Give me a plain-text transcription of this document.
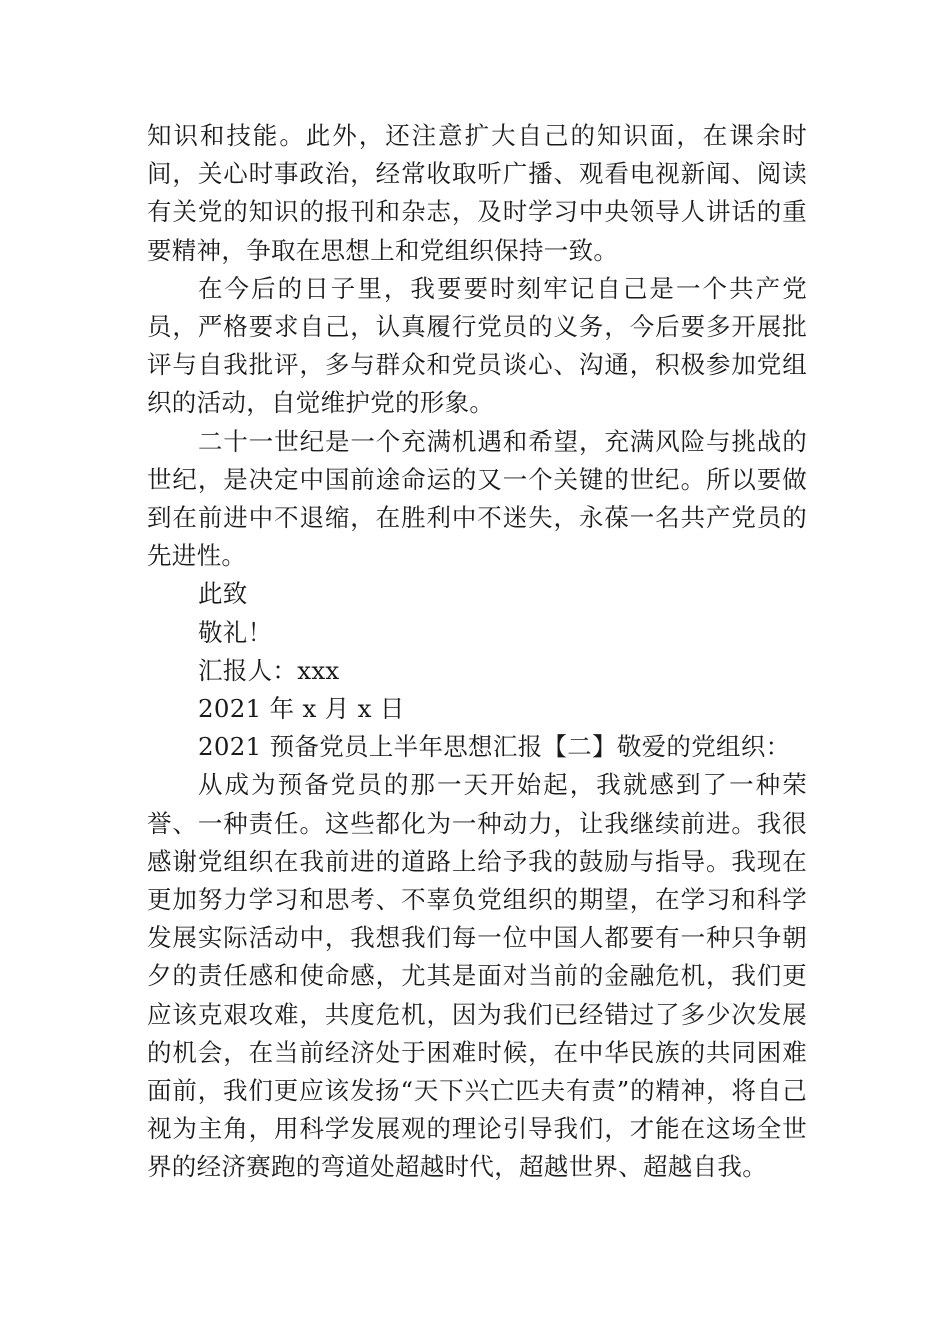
知识和技能。此外，还注意扩大自己的知识面，在课余时间，关心时事政治，经常收取听广播、观看电视新闻、阅读有关党的知识的报刊和杂志，及时学习中央领导人讲话的重要精神，争取在思想上和党组织保持一致。

在今后的日子里，我要要时刻牢记自己是一个共产党员，严格要求自己，认真履行党员的义务，今后要多开展批评与自我批评，多与群众和党员谈心、沟通，积极参加党组织的活动，自觉维护党的形象。

二十一世纪是一个充满机遇和希望，充满风险与挑战的世纪，是决定中国前途命运的又一个关键的世纪。所以要做到在前进中不退缩，在胜利中不迷失，永葆一名共产党员的先进性。

此致

敬礼！

汇报人：xxx

2021 年 x 月 x 日

2021 预备党员上半年思想汇报【二】敬爱的党组织：

从成为预备党员的那一天开始起，我就感到了一种荣誉、一种责任。这些都化为一种动力，让我继续前进。我很感谢党组织在我前进的道路上给予我的鼓励与指导。我现在更加努力学习和思考、不辜负党组织的期望，在学习和科学发展实际活动中，我想我们每一位中国人都要有一种只争朝夕的责任感和使命感，尤其是面对当前的金融危机，我们更应该克艰攻难，共度危机，因为我们已经错过了多少次发展的机会，在当前经济处于困难时候，在中华民族的共同困难面前，我们更应该发扬“天下兴亡匹夫有责”的精神，将自己视为主角，用科学发展观的理论引导我们，才能在这场全世界的经济赛跑的弯道处超越时代，超越世界、超越自我。
